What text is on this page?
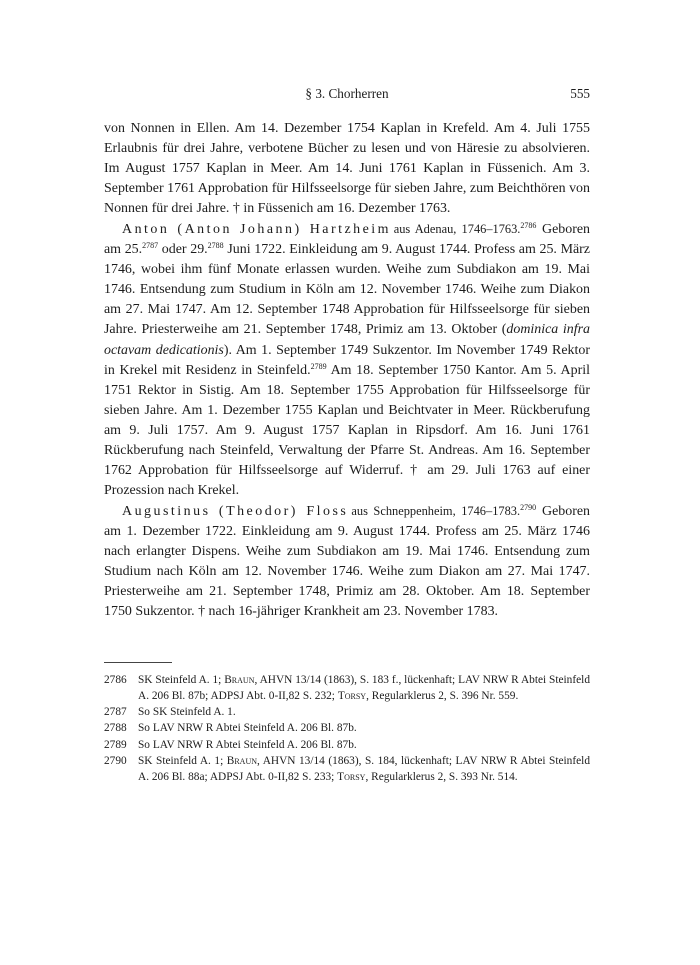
§ 3. Chorherren	555

von Nonnen in Ellen. Am 14. Dezember 1754 Kaplan in Krefeld. Am 4. Juli 1755 Erlaubnis für drei Jahre, verbotene Bücher zu lesen und von Häresie zu absolvieren. Im August 1757 Kaplan in Meer. Am 14. Juni 1761 Kaplan in Füssenich. Am 3. September 1761 Approbation für Hilfsseelsorge für sieben Jahre, zum Beichthören von Nonnen für drei Jahre. † in Füssenich am 16. Dezember 1763.

Anton (Anton Johann) Hartzheim aus Adenau, 1746–1763.$^{2786}$ Geboren am 25.$^{2787}$ oder 29.$^{2788}$ Juni 1722. Einkleidung am 9. August 1744. Profess am 25. März 1746, wobei ihm fünf Monate erlassen wurden. Weihe zum Subdiakon am 19. Mai 1746. Entsendung zum Studium in Köln am 12. November 1746. Weihe zum Diakon am 27. Mai 1747. Am 12. September 1748 Approbation für Hilfsseelsorge für sieben Jahre. Priesterweihe am 21. September 1748, Primiz am 13. Oktober (dominica infra octavam dedicationis). Am 1. September 1749 Sukzentor. Im November 1749 Rektor in Krekel mit Residenz in Steinfeld.$^{2789}$ Am 18. September 1750 Kantor. Am 5. April 1751 Rektor in Sistig. Am 18. September 1755 Approbation für Hilfsseelsorge für sieben Jahre. Am 1. Dezember 1755 Kaplan und Beichtvater in Meer. Rückberufung am 9. Juli 1757. Am 9. August 1757 Kaplan in Ripsdorf. Am 16. Juni 1761 Rückberufung nach Steinfeld, Verwaltung der Pfarre St. Andreas. Am 16. September 1762 Approbation für Hilfsseelsorge auf Widerruf. † am 29. Juli 1763 auf einer Prozession nach Krekel.

Augustinus (Theodor) Floss aus Schneppenheim, 1746–1783.$^{2790}$ Geboren am 1. Dezember 1722. Einkleidung am 9. August 1744. Profess am 25. März 1746 nach erlangter Dispens. Weihe zum Subdiakon am 19. Mai 1746. Entsendung zum Studium nach Köln am 12. November 1746. Weihe zum Diakon am 27. Mai 1747. Priesterweihe am 21. September 1748, Primiz am 28. Oktober. Am 18. September 1750 Sukzentor. † nach 16-jähriger Krankheit am 23. November 1783.

2786 SK Steinfeld A. 1; Braun, AHVN 13/14 (1863), S. 183 f., lückenhaft; LAV NRW R Abtei Steinfeld A. 206 Bl. 87b; ADPSJ Abt. 0-II,82 S. 232; Torsy, Regularklerus 2, S. 396 Nr. 559.
2787 So SK Steinfeld A. 1.
2788 So LAV NRW R Abtei Steinfeld A. 206 Bl. 87b.
2789 So LAV NRW R Abtei Steinfeld A. 206 Bl. 87b.
2790 SK Steinfeld A. 1; Braun, AHVN 13/14 (1863), S. 184, lückenhaft; LAV NRW R Abtei Steinfeld A. 206 Bl. 88a; ADPSJ Abt. 0-II,82 S. 233; Torsy, Regularklerus 2, S. 393 Nr. 514.
